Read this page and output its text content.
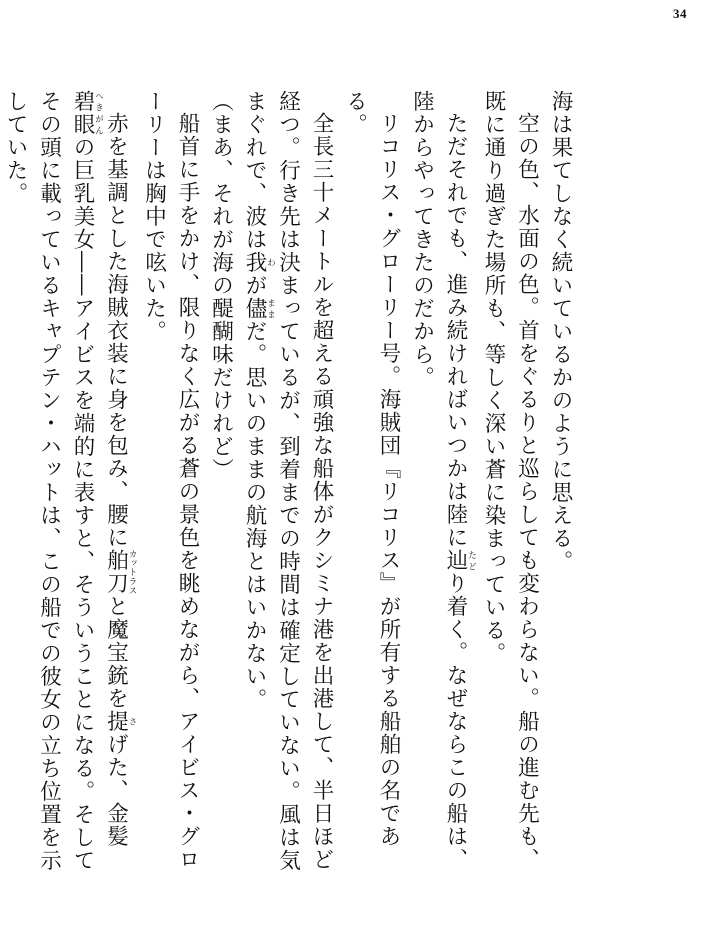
34

海は果てしなく続いているかのように思える。

空の色、水面の色。首をぐるりと巡らしても変わらない。船の進む先も、既に通り過ぎた場所も、等しく深い蒼に染まっている。

ただそれでも、進み続ければいつかは陸に辿たどり着く。なぜならこの船は、陸からやってきたのだから。

リコリス・グローリー号。海賊団『リコリス』が所有する船舶の名である。

全長三十メートルを超える頑強な船体がクシミナ港を出港して、半日ほど経つ。行き先は決まっているが、到着までの時間は確定していない。風は気まぐれで、波は我わが儘ままだ。思いのままの航海とはいかない。

（まあ、それが海の醍醐味だけれど）

船首に手をかけ、限りなく広がる蒼の景色を眺めながら、アイビス・グローリーは胸中で呟いた。

赤を基調とした海賊衣装に身を包み、腰に舶刀カットラスと魔宝銃を提さげた、金髪碧眼へきがんの巨乳美女――アイビスを端的に表すと、そういうことになる。そしてその頭に載っているキャプテン・ハットは、この船での彼女の立ち位置を示していた。
